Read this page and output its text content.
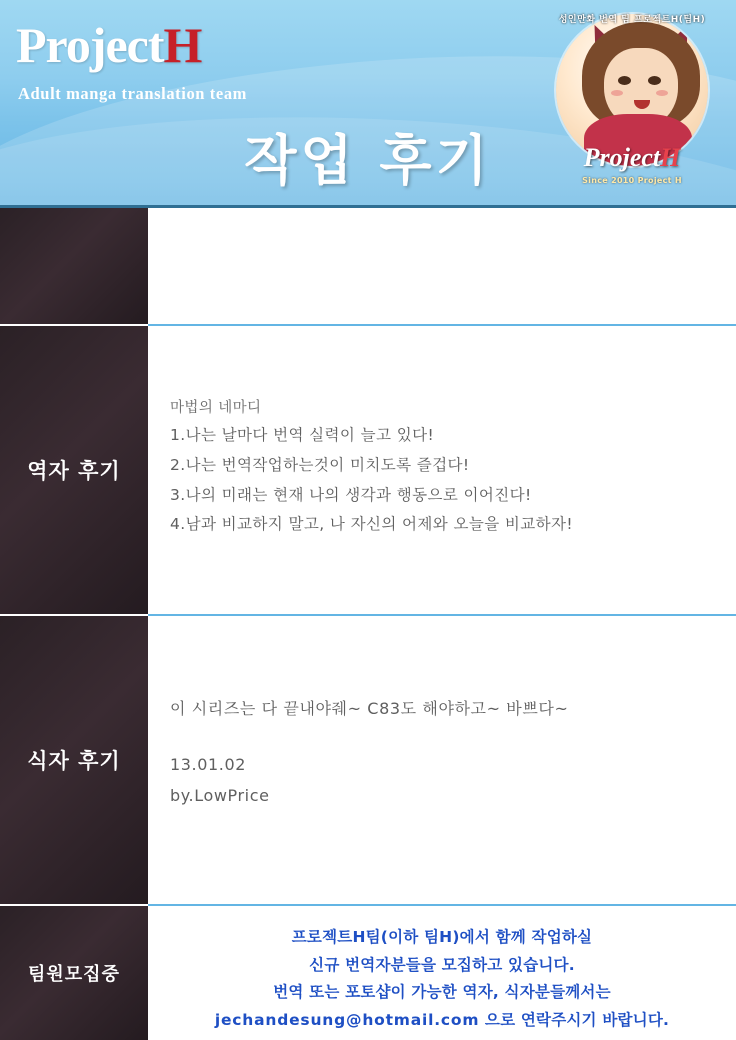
ProjectH
Adult manga translation team
작업 후기
성인만화 번역 팀 프로젝트H(팀H)
ProjectH
Since 2010 Project H
역자 후기
마법의 네마디
1.나는 날마다 번역 실력이 늘고 있다!
2.나는 번역작업하는것이 미치도록 즐겁다!
3.나의 미래는 현재 나의 생각과 행동으로 이어진다!
4.남과 비교하지 말고, 나 자신의 어제와 오늘을 비교하자!
식자 후기
이 시리즈는 다 끝내야줴~ C83도 해야하고~ 바쁘다~
13.01.02
by.LowPrice
팀원모집중
프로젝트H팀(이하 팀H)에서 함께 작업하실
신규 번역자분들을 모집하고 있습니다.
번역 또는 포토샵이 가능한 역자, 식자분들께서는
jechandesung@hotmail.com 으로 연락주시기 바랍니다.
